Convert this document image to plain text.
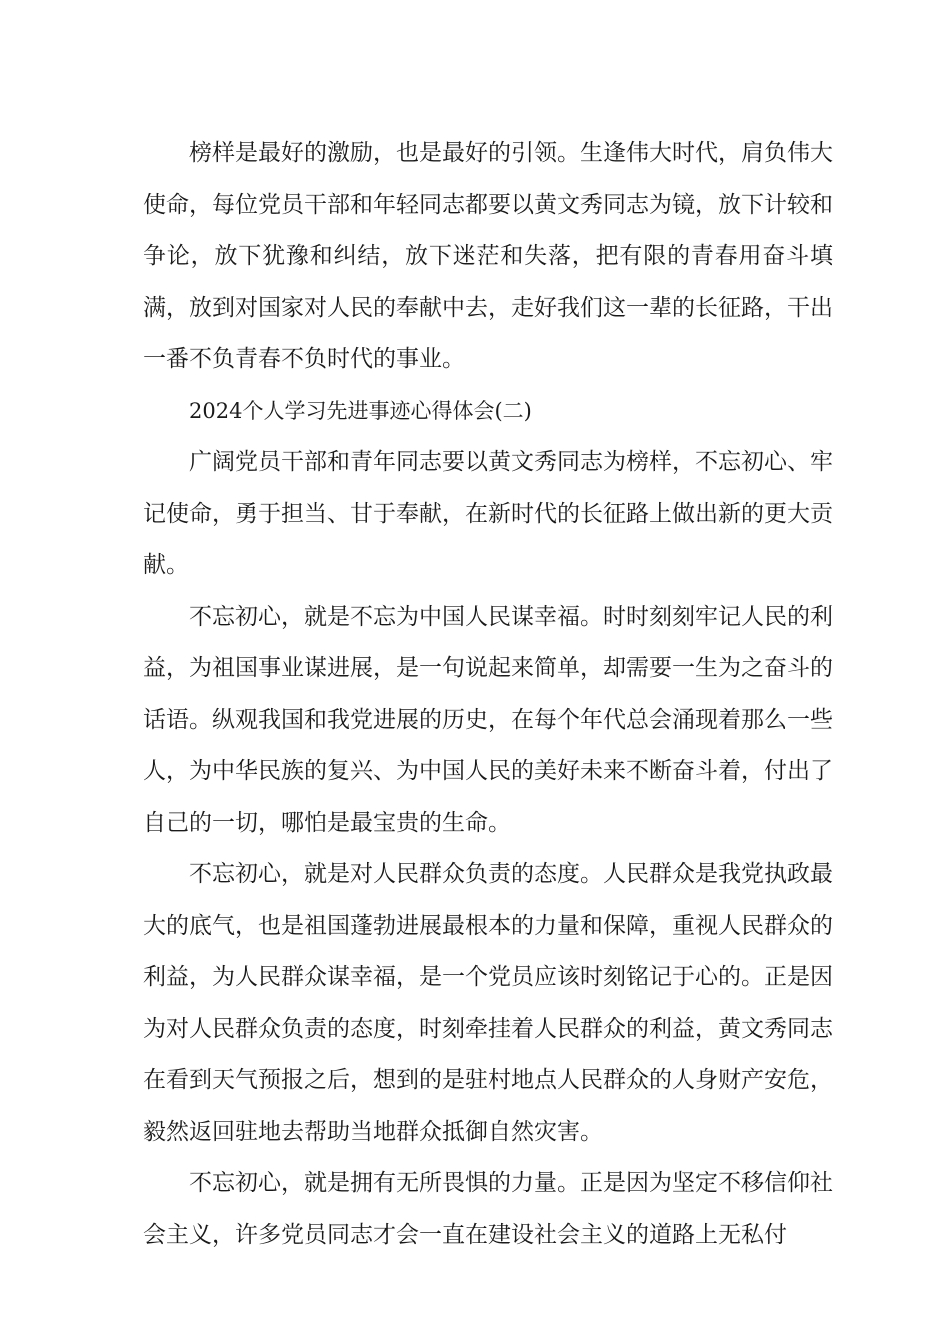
榜样是最好的激励，也是最好的引领。生逢伟大时代，肩负伟大使命，每位党员干部和年轻同志都要以黄文秀同志为镜，放下计较和争论，放下犹豫和纠结，放下迷茫和失落，把有限的青春用奋斗填满，放到对国家对人民的奉献中去，走好我们这一辈的长征路，干出一番不负青春不负时代的事业。

2024个人学习先进事迹心得体会(二)

广阔党员干部和青年同志要以黄文秀同志为榜样，不忘初心、牢记使命，勇于担当、甘于奉献，在新时代的长征路上做出新的更大贡献。

不忘初心，就是不忘为中国人民谋幸福。时时刻刻牢记人民的利益，为祖国事业谋进展，是一句说起来简单，却需要一生为之奋斗的话语。纵观我国和我党进展的历史，在每个年代总会涌现着那么一些人，为中华民族的复兴、为中国人民的美好未来不断奋斗着，付出了自己的一切，哪怕是最宝贵的生命。

不忘初心，就是对人民群众负责的态度。人民群众是我党执政最大的底气，也是祖国蓬勃进展最根本的力量和保障，重视人民群众的利益，为人民群众谋幸福，是一个党员应该时刻铭记于心的。正是因为对人民群众负责的态度，时刻牵挂着人民群众的利益，黄文秀同志在看到天气预报之后，想到的是驻村地点人民群众的人身财产安危，毅然返回驻地去帮助当地群众抵御自然灾害。

不忘初心，就是拥有无所畏惧的力量。正是因为坚定不移信仰社会主义，许多党员同志才会一直在建设社会主义的道路上无私付
